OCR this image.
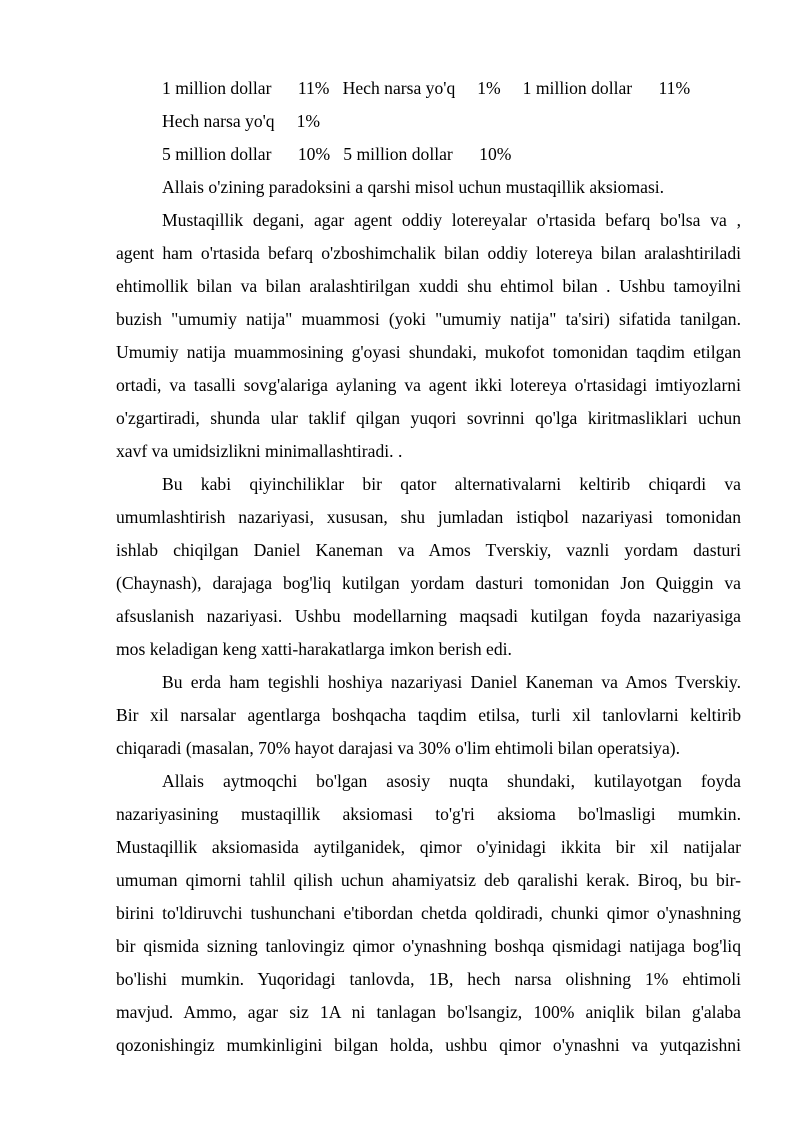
1 million dollar      11%   Hech narsa yo'q     1%     1 million dollar      11%
Hech narsa yo'q     1%
5 million dollar      10%   5 million dollar      10%
Allais o'zining paradoksini a qarshi misol uchun mustaqillik aksiomasi.
Mustaqillik degani, agar agent oddiy lotereyalar o'rtasida befarq bo'lsa va ,
agent ham o'rtasida befarq o'zboshimchalik bilan oddiy lotereya bilan aralashtiriladi
ehtimollik bilan va bilan aralashtirilgan xuddi shu ehtimol bilan . Ushbu tamoyilni
buzish "umumiy natija" muammosi (yoki "umumiy natija" ta'siri) sifatida tanilgan.
Umumiy natija muammosining g'oyasi shundaki, mukofot tomonidan taqdim etilgan
ortadi, va tasalli sovg'alariga aylaning va agent ikki lotereya o'rtasidagi imtiyozlarni
o'zgartiradi, shunda ular taklif qilgan yuqori sovrinni qo'lga kiritmasliklari uchun
xavf va umidsizlikni minimallashtiradi. .
Bu kabi qiyinchiliklar bir qator alternativalarni keltirib chiqardi va
umumlashtirish nazariyasi, xususan, shu jumladan istiqbol nazariyasi tomonidan
ishlab chiqilgan Daniel Kaneman va Amos Tverskiy, vaznli yordam dasturi
(Chaynash), darajaga bog'liq kutilgan yordam dasturi tomonidan Jon Quiggin va
afsuslanish nazariyasi. Ushbu modellarning maqsadi kutilgan foyda nazariyasiga
mos keladigan keng xatti-harakatlarga imkon berish edi.
Bu erda ham tegishli hoshiya nazariyasi Daniel Kaneman va Amos Tverskiy.
Bir xil narsalar agentlarga boshqacha taqdim etilsa, turli xil tanlovlarni keltirib
chiqaradi (masalan, 70% hayot darajasi va 30% o'lim ehtimoli bilan operatsiya).
Allais aytmoqchi bo'lgan asosiy nuqta shundaki, kutilayotgan foyda
nazariyasining mustaqillik aksiomasi to'g'ri aksioma bo'lmasligi mumkin.
Mustaqillik aksiomasida aytilganidek, qimor o'yinidagi ikkita bir xil natijalar
umuman qimorni tahlil qilish uchun ahamiyatsiz deb qaralishi kerak. Biroq, bu bir-
birini to'ldiruvchi tushunchani e'tibordan chetda qoldiradi, chunki qimor o'ynashning
bir qismida sizning tanlovingiz qimor o'ynashning boshqa qismidagi natijaga bog'liq
bo'lishi mumkin. Yuqoridagi tanlovda, 1B, hech narsa olishning 1% ehtimoli
mavjud. Ammo, agar siz 1A ni tanlagan bo'lsangiz, 100% aniqlik bilan g'alaba
qozonishingiz mumkinligini bilgan holda, ushbu qimor o'ynashni va yutqazishni
